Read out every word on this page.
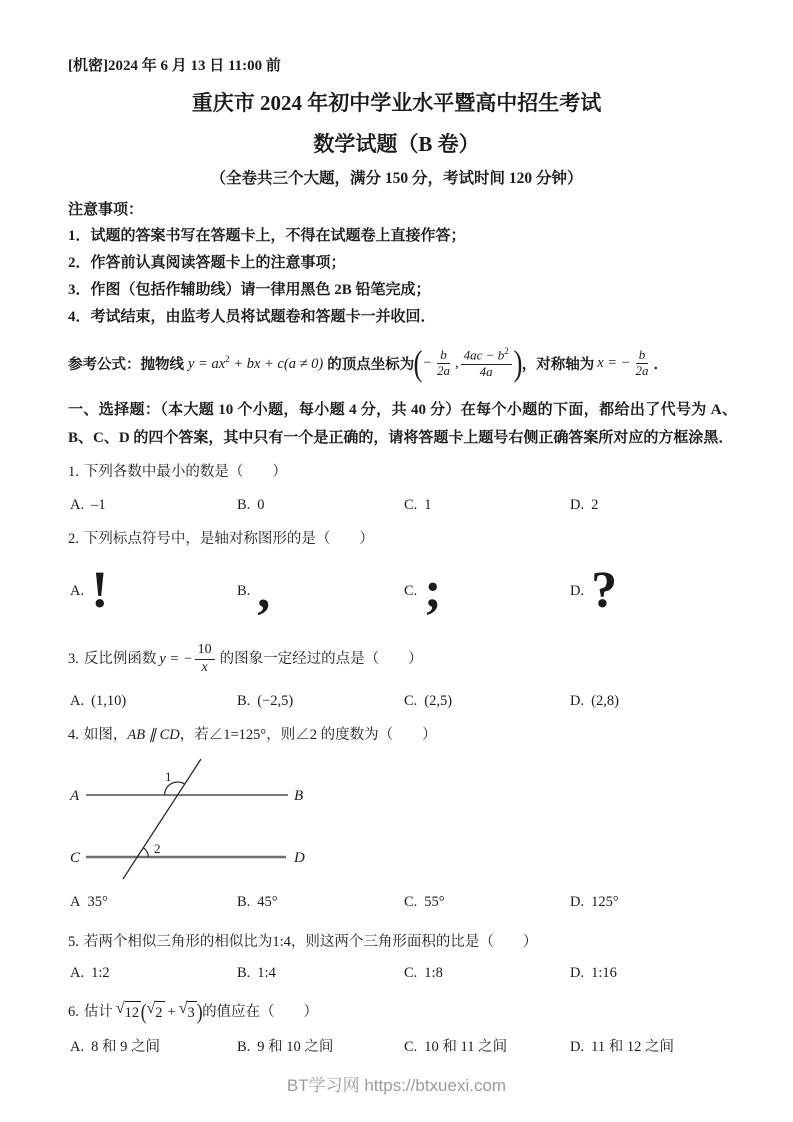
[机密]2024 年 6 月 13 日 11:00 前
重庆市 2024 年初中学业水平暨高中招生考试
数学试题（B 卷）
（全卷共三个大题，满分 150 分，考试时间 120 分钟）
注意事项：
1．试题的答案书写在答题卡上，不得在试题卷上直接作答；
2．作答前认真阅读答题卡上的注意事项；
3．作图（包括作辅助线）请一律用黑色 2B 铅笔完成；
4．考试结束，由监考人员将试题卷和答题卡一并收回．
参考公式：抛物线 $y = ax^2$ + bx + c(a ≠ 0) 的顶点坐标为 ( − $\frac{b}{2a}$ , $\frac{4ac - b^2}{4a}$ ) ，对称轴为 x = − $\frac{b}{2a}$ ．
一、选择题：（本大题 10 个小题，每小题 4 分，共 40 分）在每个小题的下面，都给出了代号为 A、B、C、D 的四个答案，其中只有一个是正确的，请将答题卡上题号右侧正确答案所对应的方框涂黑．
1. 下列各数中最小的数是（　　）
A. –1	B. 0	C. 1	D. 2
2. 下列标点符号中，是轴对称图形的是（　　）
A. !	B. ,	C. ;	D. ?
3. 反比例函数 y = − $\frac{10}{x}$ 的图象一定经过的点是（　　）
A. (1,10)	B. (−2,5)	C. (2,5)	D. (2,8)
4. 如图， AB ∥ CD ，若∠1=125°，则∠2 的度数为（　　）
A	B
C	D
1
2
A 35°	B. 45°	C. 55°	D. 125°
5. 若两个相似三角形的相似比为1:4，则这两个三角形面积的比是（　　）
A. 1:2	B. 1:4	C. 1:8	D. 1:16
6. 估计 √ 12 ( √ 2 + √ 3 ) 的值应在（　　）
A. 8 和 9 之间	B. 9 和 10 之间	C. 10 和 11 之间	D. 11 和 12 之间
BT学习网 https://btxuexi.com
